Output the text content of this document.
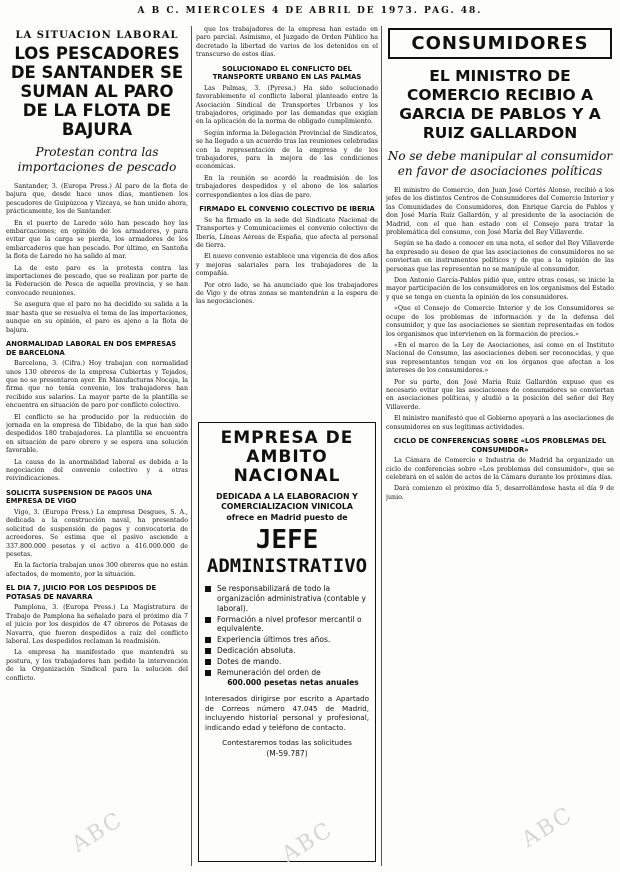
A B C. MIERCOLES 4 DE ABRIL DE 1973. PAG. 48.
LA SITUACION LABORAL
LOS PESCADORES DE SANTANDER SE SUMAN AL PARO DE LA FLOTA DE BAJURA
Protestan contra las importaciones de pescado

Santander, 3. (Europa Press.) Al paro de la flota de bajura que, desde hace unos días, mantienen los pescadores de Guipúzcoa y Vizcaya, se han unido ahora, prácticamente, los de Santander.

En el puerto de Laredo sólo han pescado hoy las embarcaciones; en opinión de los armadores, y para evitar que la carga se pierda, los armadores de los embarcaderos que han pescado. Por último, en Santoña la flota de Laredo no ha salido al mar.

La de este paro es la protesta contra las importaciones de pescado, que se realizan por parte de la Federación de Pesca de aquella provincia, y se han convocado reuniones.

Se asegura que el paro no ha decidido su salida a la mar hasta que se resuelva el tema de las importaciones, aunque en su opinión, el paro es ajeno a la flota de bajura.

ANORMALIDAD LABORAL EN DOS EMPRESAS DE BARCELONA

Barcelona, 3. (Cifra.) Hoy trabajan con normalidad unos 130 obreros de la empresa Cubiertas y Tejados, que no se presentaron ayer. En Manufacturas Nocaja, la firma que no tenía convenio, los trabajadores han recibido sus salarios. La mayor parte de la plantilla se encuentra en situación de paro por conflicto colectivo.

El conflicto se ha producido por la reducción de jornada en la empresa de Tibidabo, de la que han sido despedidos 180 trabajadores. La plantilla se encuentra en situación de paro obrero y se espera una solución favorable.

La causa de la anormalidad laboral es debida a la negociación del convenio colectivo y a otras reivindicaciones.

SOLICITA SUSPENSION DE PAGOS UNA EMPRESA DE VIGO

Vigo, 3. (Europa Press.) La empresa Desgues, S. A., dedicada a la construcción naval, ha presentado solicitud de suspensión de pagos y convocatoria de acreedores. Se estima que el pasivo asciende a 337.800.000 pesetas y el activo a 416.000.000 de pesetas.

En la factoría trabajan unos 300 obreros que no están afectados, de momento, por la situación.

EL DIA 7, JUICIO POR LOS DESPIDOS DE POTASAS DE NAVARRA

Pamplona, 3. (Europa Press.) La Magistratura de Trabajo de Pamplona ha señalado para el próximo día 7 el juicio por los despidos de 47 obreros de Potasas de Navarra, que fueron despedidos a raíz del conflicto laboral. Los despedidos reclaman la readmisión.

La empresa ha manifestado que mantendrá su postura, y los trabajadores han pedido la intervención de la Organización Sindical para la solución del conflicto.

que los trabajadores de la empresa han estado en paro parcial. Asimismo, el Juzgado de Orden Público ha decretado la libertad de varios de los detenidos en el transcurso de estos días.

SOLUCIONADO EL CONFLICTO DEL TRANSPORTE URBANO EN LAS PALMAS

Las Palmas, 3. (Pyresa.) Ha sido solucionado favorablemente el conflicto laboral planteado entre la Asociación Sindical de Transportes Urbanos y los trabajadores, originado por las demandas que exigían en la aplicación de la norma de obligado cumplimiento.

Según informa la Delegación Provincial de Sindicatos, se ha llegado a un acuerdo tras las reuniones celebradas con la representación de la empresa y de los trabajadores, para la mejora de las condiciones económicas.

En la reunión se acordó la readmisión de los trabajadores despedidos y el abono de los salarios correspondientes a los días de paro.

FIRMADO EL CONVENIO COLECTIVO DE IBERIA

Se ha firmado en la sede del Sindicato Nacional de Transportes y Comunicaciones el convenio colectivo de Iberia, Líneas Aéreas de España, que afecta al personal de tierra.

El nuevo convenio establece una vigencia de dos años y mejoras salariales para los trabajadores de la compañía.

Por otro lado, se ha anunciado que los trabajadores de Vigo y de otras zonas se mantendrán a la espera de las negociaciones.

EMPRESA DE AMBITO NACIONAL
DEDICADA A LA ELABORACION Y COMERCIALIZACION VINICOLA
ofrece en Madrid puesto de
JEFE
ADMINISTRATIVO
Se responsabilizará de todo la organización administrativa (contable y laboral).
Formación a nivel profesor mercantil o equivalente.
Experiencia últimos tres años.
Dedicación absoluta.
Dotes de mando.
Remuneración del orden de
600.000 pesetas netas anuales
Interesados dirigirse por escrito a Apartado de Correos número 47.045 de Madrid, incluyendo historial personal y profesional, indicando edad y teléfono de contacto.
Contestaremos todas las solicitudes
(M-59.787)
CONSUMIDORES
EL MINISTRO DE COMERCIO RECIBIO A GARCIA DE PABLOS Y A RUIZ GALLARDON
No se debe manipular al consumidor en favor de asociaciones políticas

El ministro de Comercio, don Juan José Cortés Alonso, recibió a los jefes de los distintos Centros de Consumidores del Comercio Interior y las Comunidades de Consumidores, don Enrique García de Pablos y don José María Ruiz Gallardón, y al presidente de la asociación de Madrid, con el que han estado con el Consejo para tratar la problemática del consumo, con José María del Rey Villaverde.

Según se ha dado a conocer en una nota, el señor del Rey Villaverde ha expresado su deseo de que las asociaciones de consumidores no se conviertan en instrumentos políticos y de que a la opinión de las personas que las representan no se manipule al consumidor.

Don Antonio García-Pablos pidió que, entre otras cosas, se inicie la mayor participación de los consumidores en los organismos del Estado y que se tenga en cuenta la opinión de los consumidores.

«Que el Consejo de Comercio Interior y de los Consumidores se ocupe de los problemas de información y de la defensa del consumidor, y que las asociaciones se sientan representadas en todos los organismos que intervienen en la formación de precios.»

«En el marco de la Ley de Asociaciones, así como en el Instituto Nacional de Consumo, las asociaciones deben ser reconocidas, y que sus representantes tengan voz en los órganos que afectan a los intereses de los consumidores.»

Por su parte, don José María Ruiz Gallardón expuso que es necesario evitar que las asociaciones de consumidores se conviertan en asociaciones políticas, y aludió a la posición del señor del Rey Villaverde.

El ministro manifestó que el Gobierno apoyará a las asociaciones de consumidores en sus legítimas actividades.

CICLO DE CONFERENCIAS SOBRE «LOS PROBLEMAS DEL CONSUMIDOR»

La Cámara de Comercio e Industria de Madrid ha organizado un ciclo de conferencias sobre «Los problemas del consumidor», que se celebrará en el salón de actos de la Cámara durante los próximos días.

Dará comienzo el próximo día 5, desarrollándose hasta el día 9 de junio.

ABC	ABC	ABC
